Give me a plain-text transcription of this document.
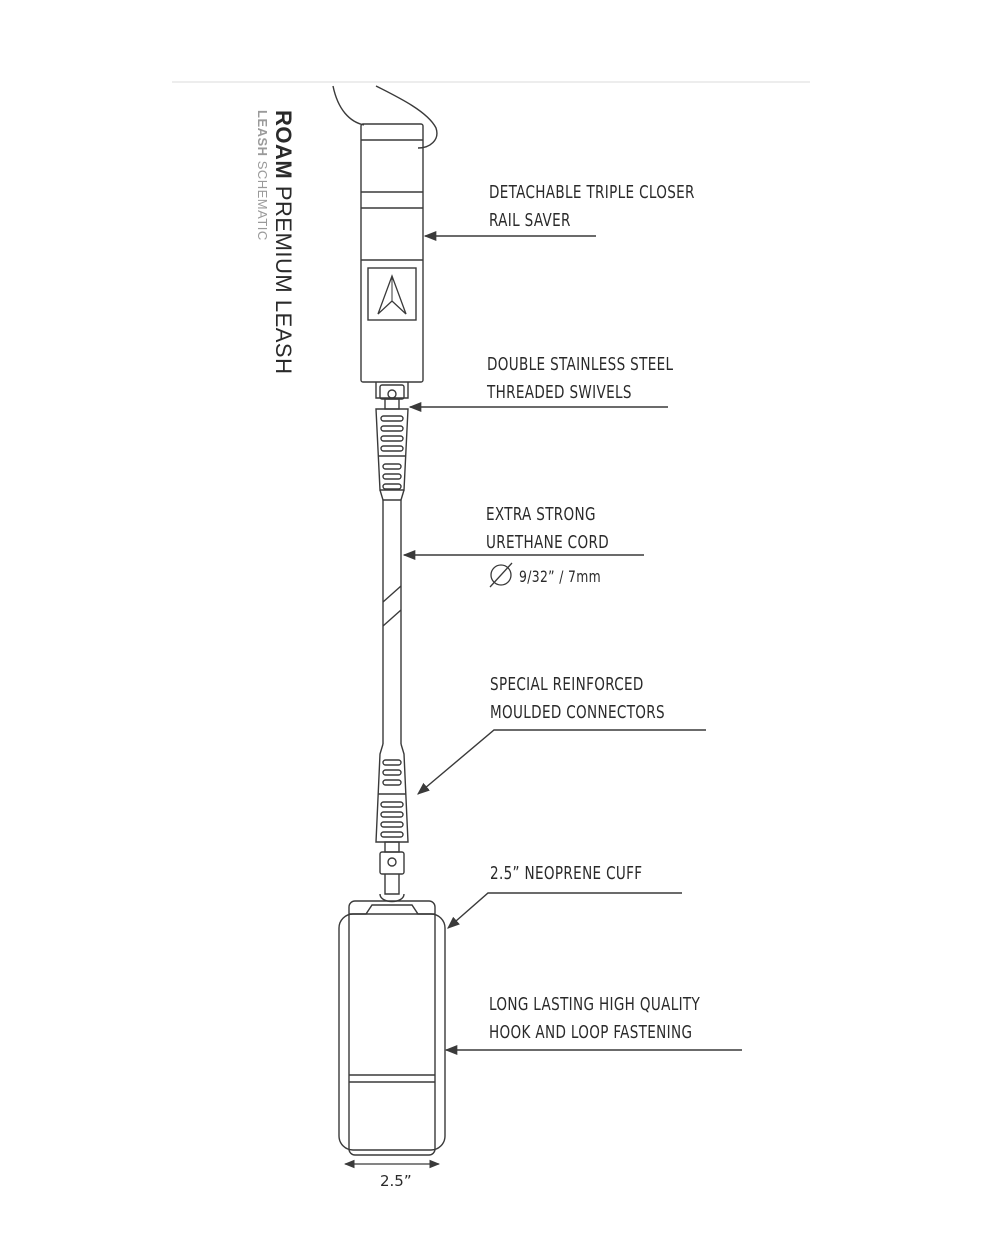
ROAM PREMIUM LEASH
LEASH SCHEMATIC	DETACHABLE TRIPLE CLOSER
RAIL SAVER
DOUBLE STAINLESS STEEL
THREADED SWIVELS
EXTRA STRONG
URETHANE CORD
9/32” / 7mm
SPECIAL REINFORCED
MOULDED CONNECTORS
2.5” NEOPRENE CUFF
LONG LASTING HIGH QUALITY
HOOK AND LOOP FASTENING
2.5”
